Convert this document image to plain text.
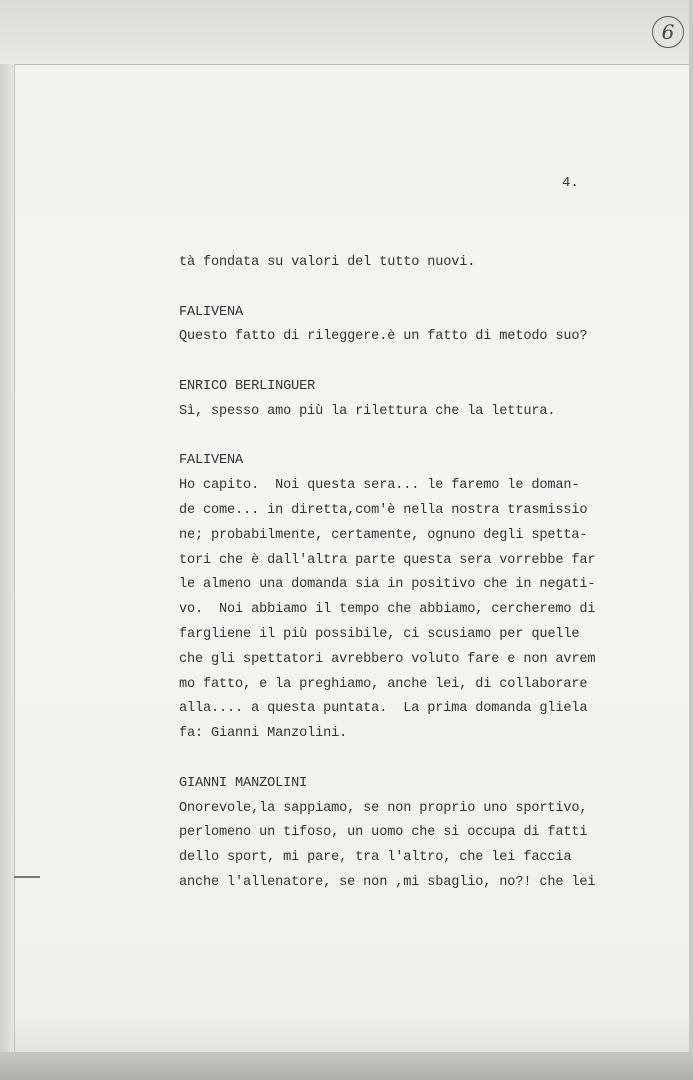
6
4.
tà fondata su valori del tutto nuovi.
FALIVENA
Questo fatto di rileggere.è un fatto di metodo suo?
ENRICO BERLINGUER
Sì, spesso amo più la rilettura che la lettura.
FALIVENA
Ho capito.  Noi questa sera... le faremo le doman-
de come... in diretta,com'è nella nostra trasmissio
ne; probabilmente, certamente, ognuno degli spetta-
tori che è dall'altra parte questa sera vorrebbe far
le almeno una domanda sia in positivo che in negati-
vo.  Noi abbiamo il tempo che abbiamo, cercheremo di
fargliene il più possibile, ci scusiamo per quelle
che gli spettatori avrebbero voluto fare e non avrem
mo fatto, e la preghiamo, anche lei, di collaborare
alla.... a questa puntata.  La prima domanda gliela
fa: Gianni Manzolini.
GIANNI MANZOLINI
Onorevole,la sappiamo, se non proprio uno sportivo,
perlomeno un tifoso, un uomo che si occupa di fatti
dello sport, mi pare, tra l'altro, che lei faccia
anche l'allenatore, se non ,mi sbaglio, no?! che lei
